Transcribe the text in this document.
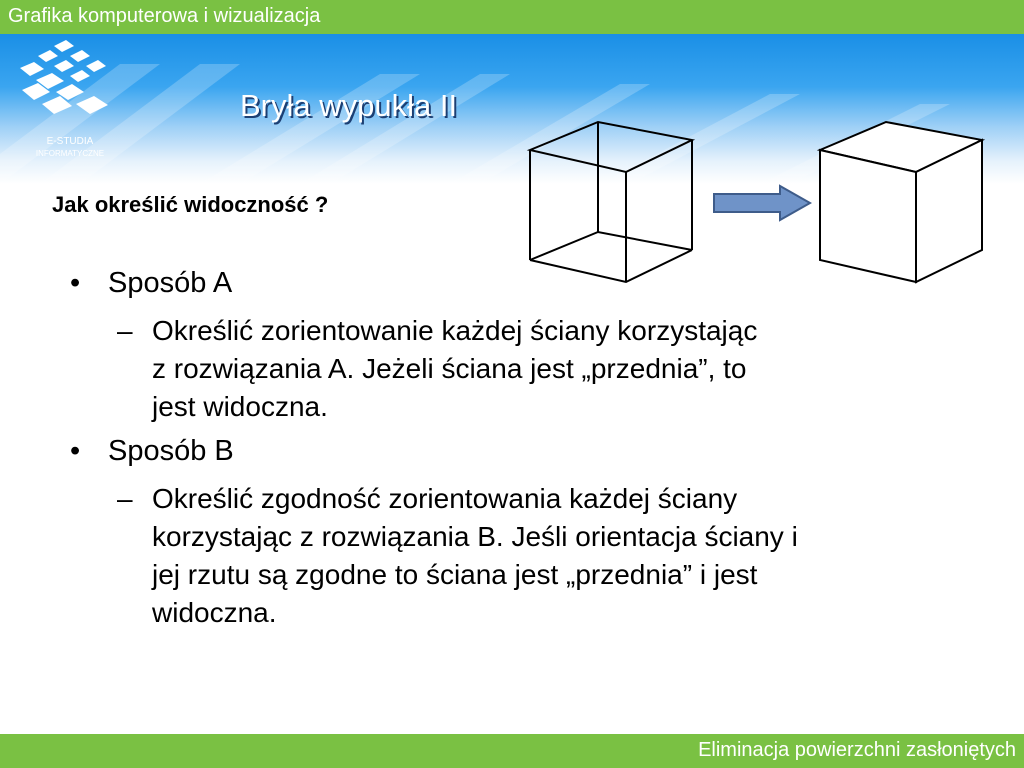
Grafika komputerowa i wizualizacja
Bryła wypukła II
E-STUDIA
INFORMATYCZNE
Jak określić widoczność ?
• Sposób A
– Określić zorientowanie każdej ściany korzystając
z rozwiązania A. Jeżeli ściana jest „przednia”, to
jest widoczna.
• Sposób B
– Określić zgodność zorientowania każdej ściany
korzystając z rozwiązania B. Jeśli orientacja ściany i
jej rzutu są zgodne to ściana jest „przednia” i jest
widoczna.
Eliminacja powierzchni zasłoniętych
